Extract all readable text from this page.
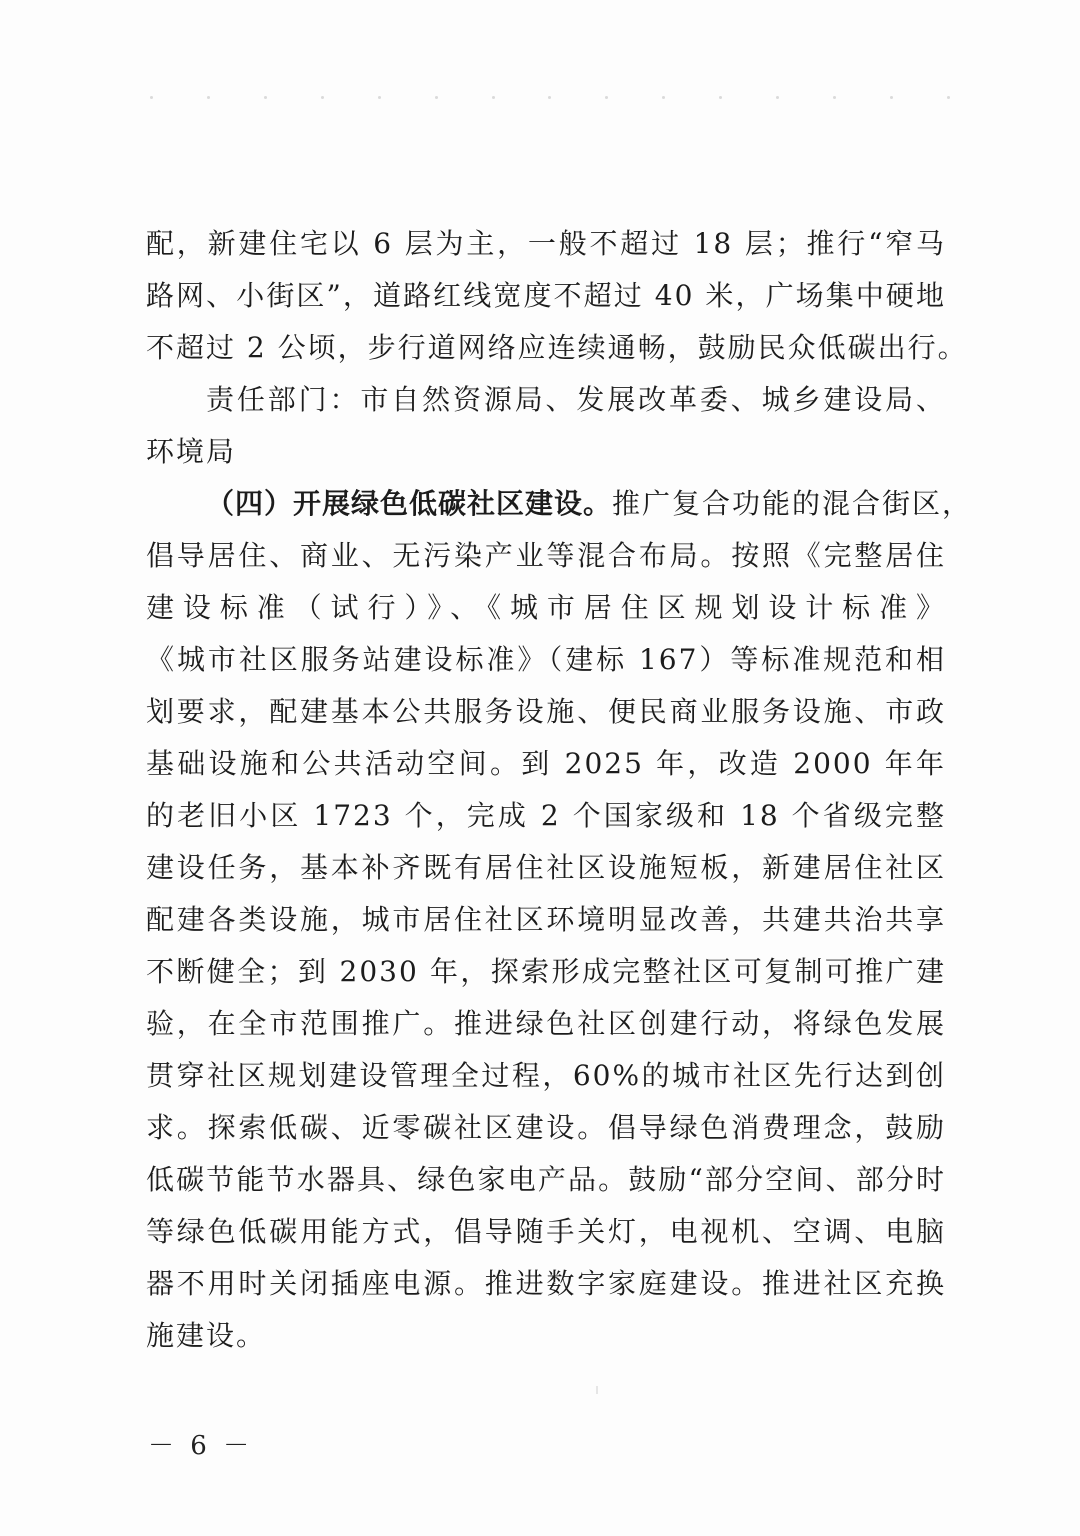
配，新建住宅以 6 层为主，一般不超过 18 层；推行“窄马
路网、小街区”，道路红线宽度不超过 40 米，广场集中硬地
不超过 2 公顷，步行道网络应连续通畅，鼓励民众低碳出行。
责任部门：市自然资源局、发展改革委、城乡建设局、
环境局
（四）开展绿色低碳社区建设。推广复合功能的混合街区，
倡导居住、商业、无污染产业等混合布局。按照《完整居住
建设标准（试行）》、《城市居住区规划设计标准》
《城市社区服务站建设标准》（建标 167）等标准规范和相
划要求，配建基本公共服务设施、便民商业服务设施、市政
基础设施和公共活动空间。到 2025 年，改造 2000 年年
的老旧小区 1723 个，完成 2 个国家级和 18 个省级完整
建设任务，基本补齐既有居住社区设施短板，新建居住社区
配建各类设施，城市居住社区环境明显改善，共建共治共享
不断健全；到 2030 年，探索形成完整社区可复制可推广建
验，在全市范围推广。推进绿色社区创建行动，将绿色发展
贯穿社区规划建设管理全过程，60%的城市社区先行达到创
求。探索低碳、近零碳社区建设。倡导绿色消费理念，鼓励
低碳节能节水器具、绿色家电产品。鼓励“部分空间、部分时
等绿色低碳用能方式，倡导随手关灯，电视机、空调、电脑
器不用时关闭插座电源。推进数字家庭建设。推进社区充换
施建设。
－ 6 －
